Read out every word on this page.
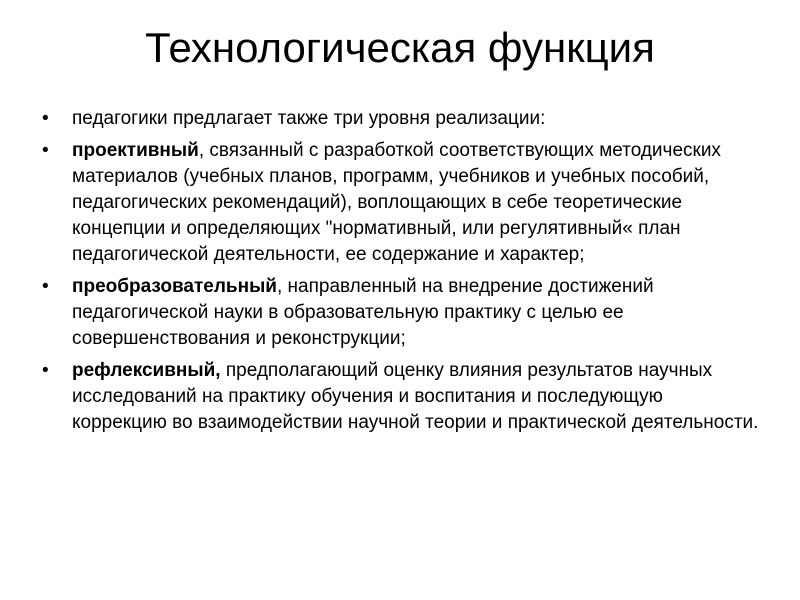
Технологическая функция
• педагогики предлагает также три уровня реализации:
• проективный, связанный с разработкой соответствующих методических материалов (учебных планов, программ, учебников и учебных пособий, педагогических рекомендаций), воплощающих в себе теоретические концепции и определяющих "нормативный, или регулятивный« план педагогической деятельности, ее содержание и характер;
• преобразовательный, направленный на внедрение достижений педагогической науки в образовательную практику с целью ее совершенствования и реконструкции;
• рефлексивный, предполагающий оценку влияния результатов научных исследований на практику обучения и воспитания и последующую коррекцию во взаимодействии научной теории и практической деятельности.
